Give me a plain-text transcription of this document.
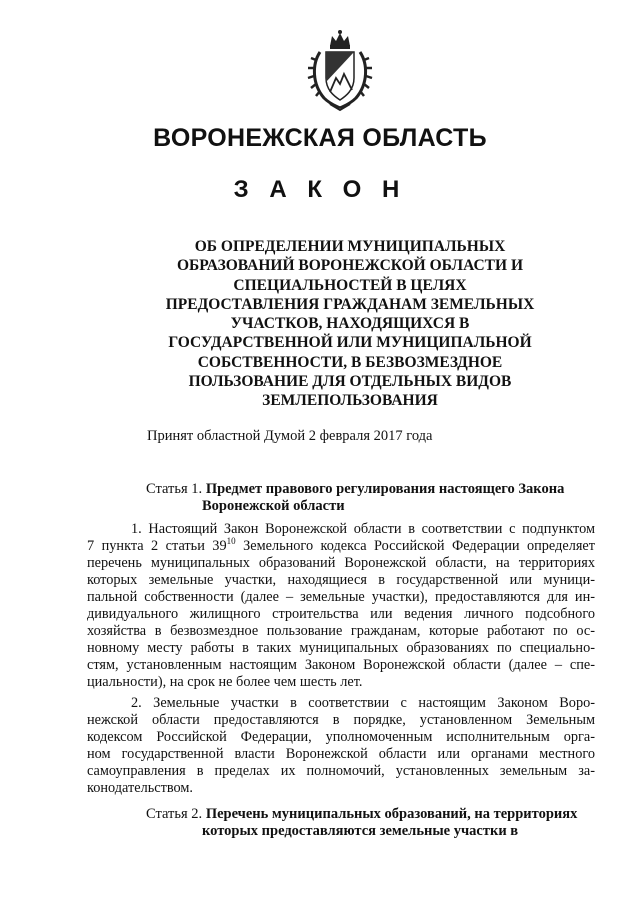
ВОРОНЕЖСКАЯ ОБЛАСТЬ
З А К О Н
ОБ ОПРЕДЕЛЕНИИ МУНИЦИПАЛЬНЫХ
ОБРАЗОВАНИЙ ВОРОНЕЖСКОЙ ОБЛАСТИ И
СПЕЦИАЛЬНОСТЕЙ В ЦЕЛЯХ
ПРЕДОСТАВЛЕНИЯ ГРАЖДАНАМ ЗЕМЕЛЬНЫХ
УЧАСТКОВ, НАХОДЯЩИХСЯ В
ГОСУДАРСТВЕННОЙ ИЛИ МУНИЦИПАЛЬНОЙ
СОБСТВЕННОСТИ, В БЕЗВОЗМЕЗДНОЕ
ПОЛЬЗОВАНИЕ ДЛЯ ОТДЕЛЬНЫХ ВИДОВ
ЗЕМЛЕПОЛЬЗОВАНИЯ

Принят областной Думой 2 февраля 2017 года

Статья 1. Предмет правового регулирования настоящего Закона
Воронежской области
1. Настоящий Закон Воронежской области в соответствии с подпунктом
7 пункта 2 статьи $39^{10}$ Земельного кодекса Российской Федерации определяет
перечень муниципальных образований Воронежской области, на территориях
которых земельные участки, находящиеся в государственной или муници-
пальной собственности (далее – земельные участки), предоставляются для ин-
дивидуального жилищного строительства или ведения личного подсобного
хозяйства в безвозмездное пользование гражданам, которые работают по ос-
новному месту работы в таких муниципальных образованиях по специально-
стям, установленным настоящим Законом Воронежской области (далее – спе-
циальности), на срок не более чем шесть лет.
2. Земельные участки в соответствии с настоящим Законом Воро-
нежской области предоставляются в порядке, установленном Земельным
кодексом Российской Федерации, уполномоченным исполнительным орга-
ном государственной власти Воронежской области или органами местного
самоуправления в пределах их полномочий, установленных земельным за-
конодательством.
Статья 2. Перечень муниципальных образований, на территориях
которых предоставляются земельные участки в
